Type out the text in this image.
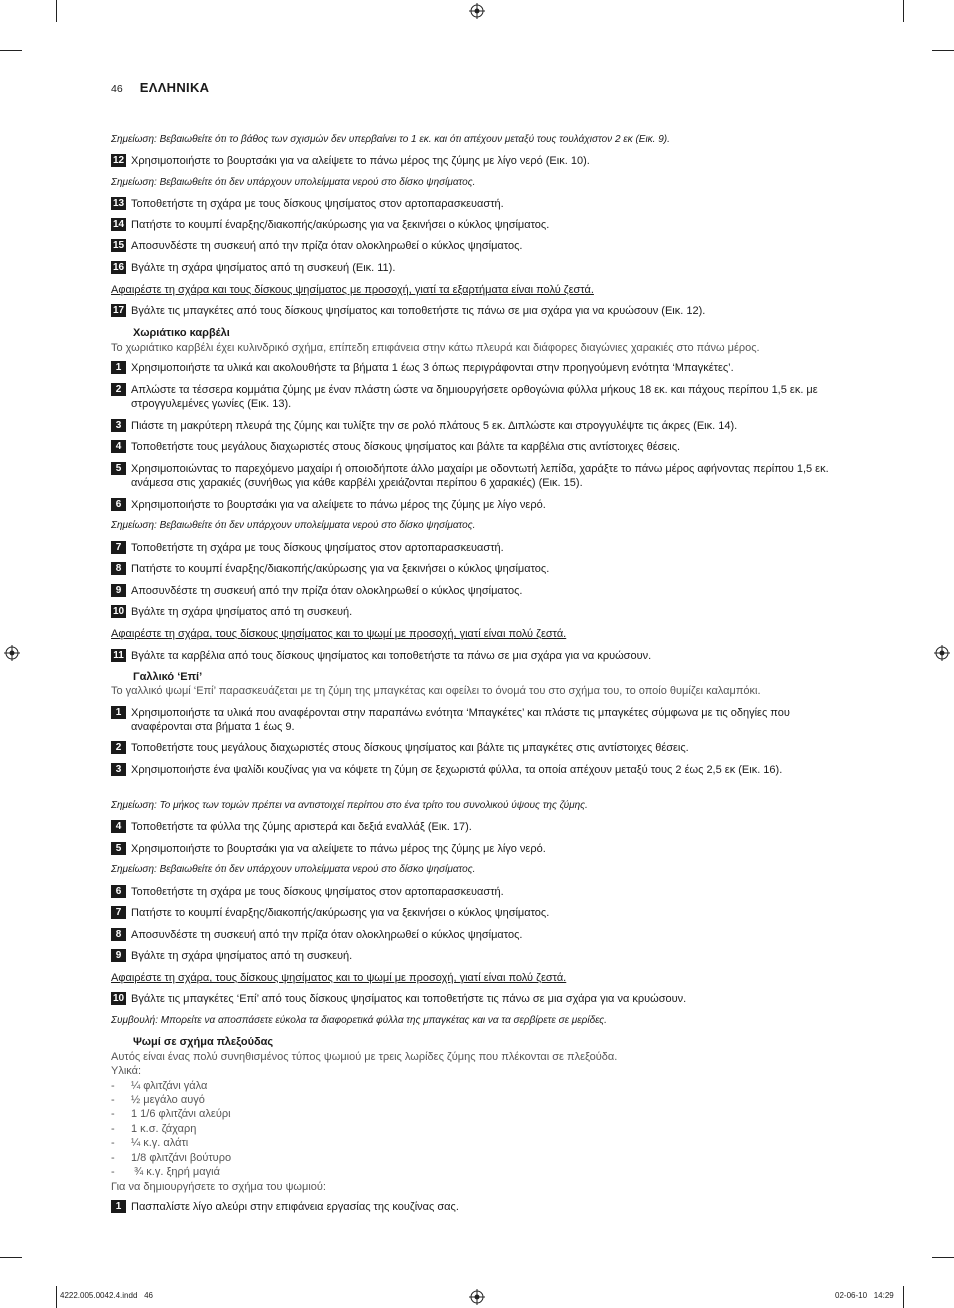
46 ΕΛΛΗΝΙΚΑ
Σημείωση: Βεβαιωθείτε ότι το βάθος των σχισμών δεν υπερβαίνει το 1 εκ. και ότι απέχουν μεταξύ τους τουλάχιστον 2 εκ (Εικ. 9).
12 Χρησιμοποιήστε το βουρτσάκι για να αλείψετε το πάνω μέρος της ζύμης με λίγο νερό (Εικ. 10).
Σημείωση: Βεβαιωθείτε ότι δεν υπάρχουν υπολείμματα νερού στο δίσκο ψησίματος.
13 Τοποθετήστε τη σχάρα με τους δίσκους ψησίματος στον αρτοπαρασκευαστή.
14 Πατήστε το κουμπί έναρξης/διακοπής/ακύρωσης για να ξεκινήσει ο κύκλος ψησίματος.
15 Αποσυνδέστε τη συσκευή από την πρίζα όταν ολοκληρωθεί ο κύκλος ψησίματος.
16 Βγάλτε τη σχάρα ψησίματος από τη συσκευή (Εικ. 11).
Αφαιρέστε τη σχάρα και τους δίσκους ψησίματος με προσοχή, γιατί τα εξαρτήματα είναι πολύ ζεστά.
17 Βγάλτε τις μπαγκέτες από τους δίσκους ψησίματος και τοποθετήστε τις πάνω σε μια σχάρα για να κρυώσουν (Εικ. 12).
Χωριάτικο καρβέλι
Το χωριάτικο καρβέλι έχει κυλινδρικό σχήμα, επίπεδη επιφάνεια στην κάτω πλευρά και διάφορες διαγώνιες χαρακιές στο πάνω μέρος.
1 Χρησιμοποιήστε τα υλικά και ακολουθήστε τα βήματα 1 έως 3 όπως περιγράφονται στην προηγούμενη ενότητα ‘Μπαγκέτες’.
2 Απλώστε τα τέσσερα κομμάτια ζύμης με έναν πλάστη ώστε να δημιουργήσετε ορθογώνια φύλλα μήκους 18 εκ. και πάχους περίπου 1,5 εκ. με στρογγυλεμένες γωνίες (Εικ. 13).
3 Πιάστε τη μακρύτερη πλευρά της ζύμης και τυλίξτε την σε ρολό πλάτους 5 εκ. Διπλώστε και στρογγυλέψτε τις άκρες (Εικ. 14).
4 Τοποθετήστε τους μεγάλους διαχωριστές στους δίσκους ψησίματος και βάλτε τα καρβέλια στις αντίστοιχες θέσεις.
5 Χρησιμοποιώντας το παρεχόμενο μαχαίρι ή οποιοδήποτε άλλο μαχαίρι με οδοντωτή λεπίδα, χαράξτε το πάνω μέρος αφήνοντας περίπου 1,5 εκ. ανάμεσα στις χαρακιές (συνήθως για κάθε καρβέλι χρειάζονται περίπου 6 χαρακιές) (Εικ. 15).
6 Χρησιμοποιήστε το βουρτσάκι για να αλείψετε το πάνω μέρος της ζύμης με λίγο νερό.
Σημείωση: Βεβαιωθείτε ότι δεν υπάρχουν υπολείμματα νερού στο δίσκο ψησίματος.
7 Τοποθετήστε τη σχάρα με τους δίσκους ψησίματος στον αρτοπαρασκευαστή.
8 Πατήστε το κουμπί έναρξης/διακοπής/ακύρωσης για να ξεκινήσει ο κύκλος ψησίματος.
9 Αποσυνδέστε τη συσκευή από την πρίζα όταν ολοκληρωθεί ο κύκλος ψησίματος.
10 Βγάλτε τη σχάρα ψησίματος από τη συσκευή.
Αφαιρέστε τη σχάρα, τους δίσκους ψησίματος και το ψωμί με προσοχή, γιατί είναι πολύ ζεστά.
11 Βγάλτε τα καρβέλια από τους δίσκους ψησίματος και τοποθετήστε τα πάνω σε μια σχάρα για να κρυώσουν.
Γαλλικό ‘Επί’
Το γαλλικό ψωμί ‘Επί’ παρασκευάζεται με τη ζύμη της μπαγκέτας και οφείλει το όνομά του στο σχήμα του, το οποίο θυμίζει καλαμπόκι.
1 Χρησιμοποιήστε τα υλικά που αναφέρονται στην παραπάνω ενότητα ‘Μπαγκέτες’ και πλάστε τις μπαγκέτες σύμφωνα με τις οδηγίες που αναφέρονται στα βήματα 1 έως 9.
2 Τοποθετήστε τους μεγάλους διαχωριστές στους δίσκους ψησίματος και βάλτε τις μπαγκέτες στις αντίστοιχες θέσεις.
3 Χρησιμοποιήστε ένα ψαλίδι κουζίνας για να κόψετε τη ζύμη σε ξεχωριστά φύλλα, τα οποία απέχουν μεταξύ τους 2 έως 2,5 εκ (Εικ. 16).
Σημείωση: Το μήκος των τομών πρέπει να αντιστοιχεί περίπου στο ένα τρίτο του συνολικού ύψους της ζύμης.
4 Τοποθετήστε τα φύλλα της ζύμης αριστερά και δεξιά εναλλάξ (Εικ. 17).
5 Χρησιμοποιήστε το βουρτσάκι για να αλείψετε το πάνω μέρος της ζύμης με λίγο νερό.
Σημείωση: Βεβαιωθείτε ότι δεν υπάρχουν υπολείμματα νερού στο δίσκο ψησίματος.
6 Τοποθετήστε τη σχάρα με τους δίσκους ψησίματος στον αρτοπαρασκευαστή.
7 Πατήστε το κουμπί έναρξης/διακοπής/ακύρωσης για να ξεκινήσει ο κύκλος ψησίματος.
8 Αποσυνδέστε τη συσκευή από την πρίζα όταν ολοκληρωθεί ο κύκλος ψησίματος.
9 Βγάλτε τη σχάρα ψησίματος από τη συσκευή.
Αφαιρέστε τη σχάρα, τους δίσκους ψησίματος και το ψωμί με προσοχή, γιατί είναι πολύ ζεστά.
10 Βγάλτε τις μπαγκέτες ‘Επί’ από τους δίσκους ψησίματος και τοποθετήστε τις πάνω σε μια σχάρα για να κρυώσουν.
Συμβουλή: Μπορείτε να αποσπάσετε εύκολα τα διαφορετικά φύλλα της μπαγκέτας και να τα σερβίρετε σε μερίδες.
Ψωμί σε σχήμα πλεξούδας
Αυτός είναι ένας πολύ συνηθισμένος τύπος ψωμιού με τρεις λωρίδες ζύμης που πλέκονται σε πλεξούδα.
Υλικά:
- ¼ φλιτζάνι γάλα
- ½ μεγάλο αυγό
- 1 1/6 φλιτζάνι αλεύρι
- 1 κ.σ. ζάχαρη
- ¼ κ.γ. αλάτι
- 1/8 φλιτζάνι βούτυρο
- ¾ κ.γ. ξηρή μαγιά
Για να δημιουργήσετε το σχήμα του ψωμιού:
1 Πασπαλίστε λίγο αλεύρι στην επιφάνεια εργασίας της κουζίνας σας.
4222.005.0042.4.indd   46	02-06-10   14:29
